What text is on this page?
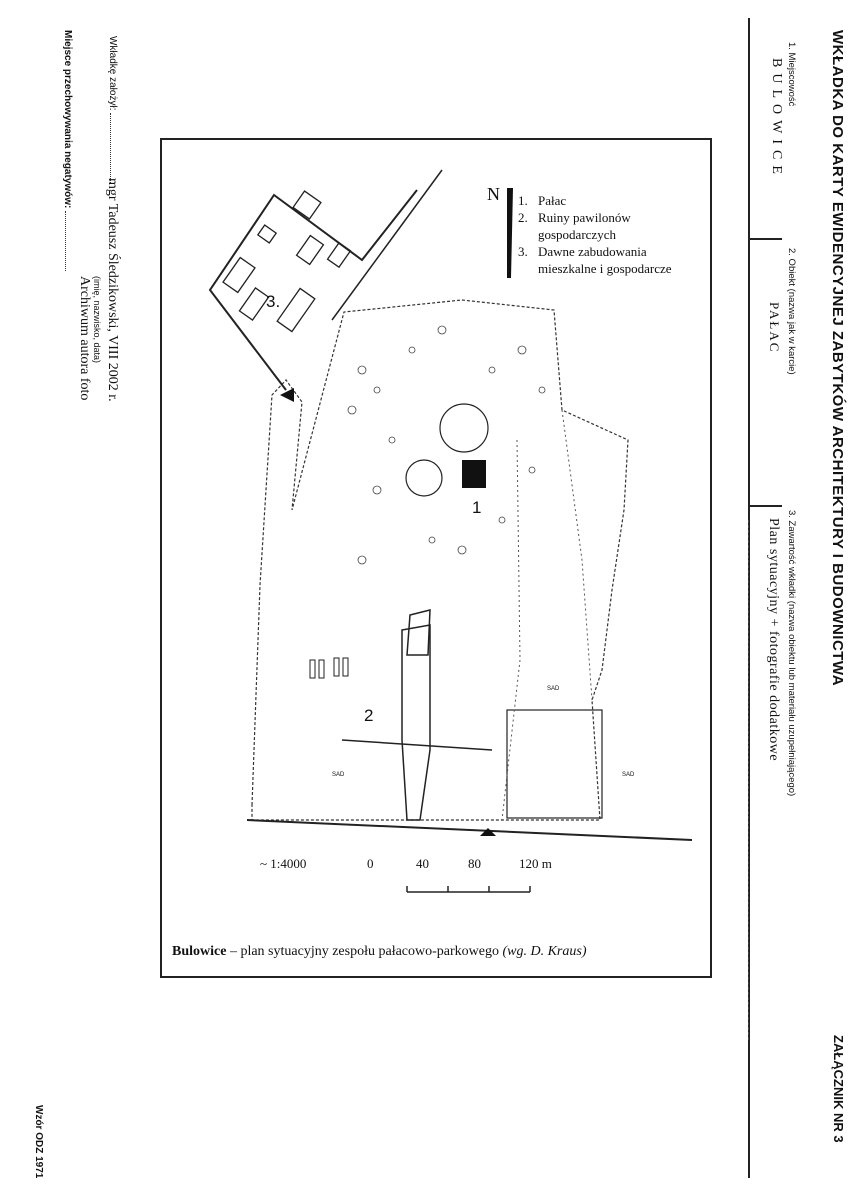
WKŁADKA DO KARTY EWIDENCYJNEJ ZABYTKÓW ARCHITEKTURY I BUDOWNICTWA
ZAŁĄCZNIK NR 3
1. Miejscowość
BULOWICE
2. Obiekt (nazwa jak w karcie)
PAŁAC
3. Zawartość wkładki (nazwa obiektu lub materiału uzupełniającego)
Plan sytuacyjny + fotografie dodatkowe
Wkładkę założył:
mgr Tadeusz Śledzikowski, VIII 2002 r.
(imię, nazwisko, data)
Miejsce przechowywania negatywów:
Archiwum autora foto
Wzór ODZ 1971
N 1. Pałac
2. Ruiny pawilonów
gospodarczych
3. Dawne zabudowania
mieszkalne i gospodarcze
1
2
3.
SAD
SAD
SAD
~ 1:4000	0	40	80	120 m
Bulowice – plan sytuacyjny zespołu pałacowo-parkowego (wg. D. Kraus)
